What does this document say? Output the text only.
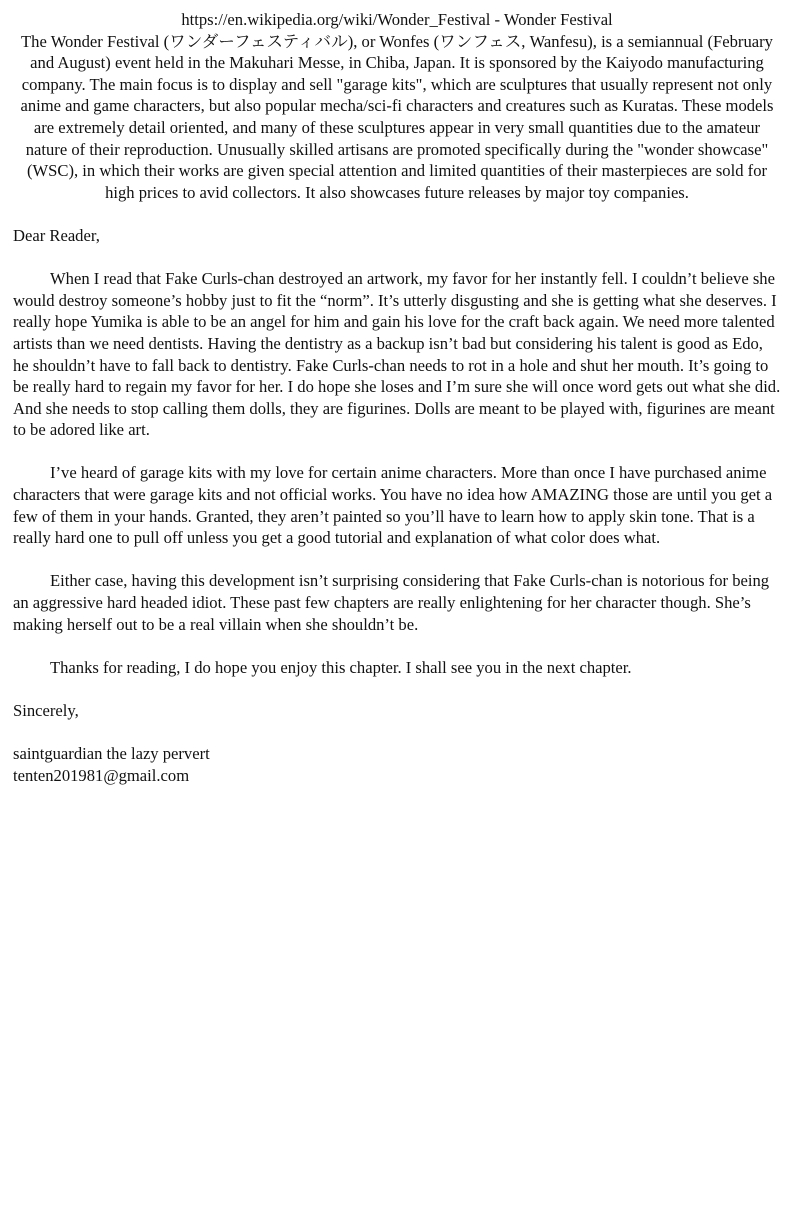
https://en.wikipedia.org/wiki/Wonder_Festival - Wonder Festival

The Wonder Festival (ワンダーフェスティバル), or Wonfes (ワンフェス, Wanfesu), is a semiannual (February and August) event held in the Makuhari Messe, in Chiba, Japan. It is sponsored by the Kaiyodo manufacturing company. The main focus is to display and sell "garage kits", which are sculptures that usually represent not only anime and game characters, but also popular mecha/sci-fi characters and creatures such as Kuratas. These models are extremely detail oriented, and many of these sculptures appear in very small quantities due to the amateur nature of their reproduction. Unusually skilled artisans are promoted specifically during the "wonder showcase" (WSC), in which their works are given special attention and limited quantities of their masterpieces are sold for high prices to avid collectors. It also showcases future releases by major toy companies.

Dear Reader,

When I read that Fake Curls-chan destroyed an artwork, my favor for her instantly fell. I couldn’t believe she would destroy someone’s hobby just to fit the “norm”. It’s utterly disgusting and she is getting what she deserves. I really hope Yumika is able to be an angel for him and gain his love for the craft back again. We need more talented artists than we need dentists. Having the dentistry as a backup isn’t bad but considering his talent is good as Edo, he shouldn’t have to fall back to dentistry. Fake Curls-chan needs to rot in a hole and shut her mouth. It’s going to be really hard to regain my favor for her. I do hope she loses and I’m sure she will once word gets out what she did. And she needs to stop calling them dolls, they are figurines. Dolls are meant to be played with, figurines are meant to be adored like art.

I’ve heard of garage kits with my love for certain anime characters. More than once I have purchased anime characters that were garage kits and not official works. You have no idea how AMAZING those are until you get a few of them in your hands. Granted, they aren’t painted so you’ll have to learn how to apply skin tone. That is a really hard one to pull off unless you get a good tutorial and explanation of what color does what.

Either case, having this development isn’t surprising considering that Fake Curls-chan is notorious for being an aggressive hard headed idiot. These past few chapters are really enlightening for her character though. She’s making herself out to be a real villain when she shouldn’t be.

Thanks for reading, I do hope you enjoy this chapter. I shall see you in the next chapter.

Sincerely,

saintguardian the lazy pervert

tenten201981@gmail.com
